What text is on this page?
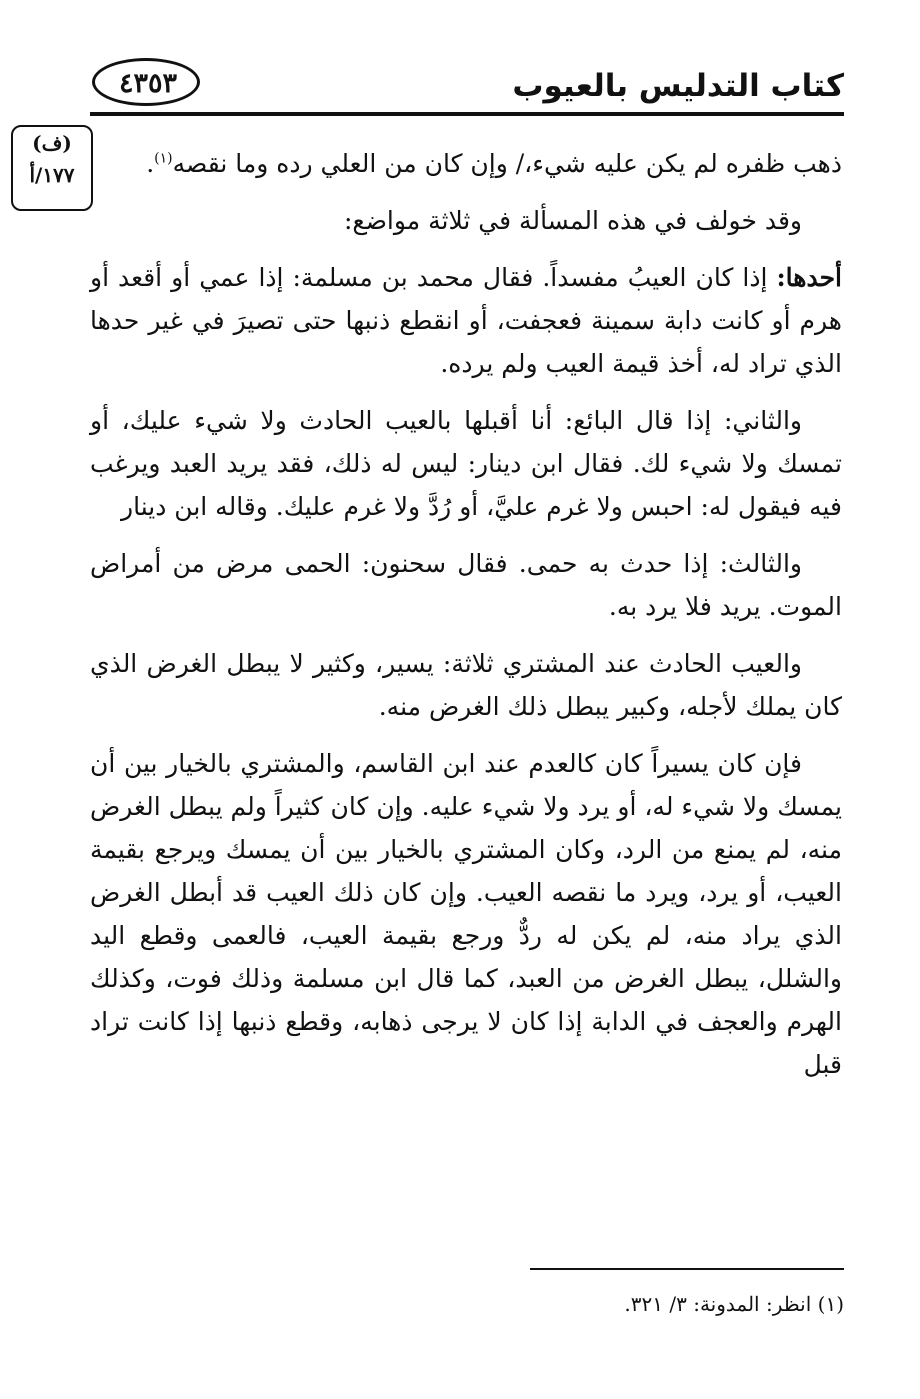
٤٣٥٣	كتاب التدليس بالعيوب
(ف)
١٧٧/أ	ذهب ظفره لم يكن عليه شيء،/ وإن كان من العلي رده وما نقصه$^{(١)}$.

وقد خولف في هذه المسألة في ثلاثة مواضع:

أحدها: إذا كان العيبُ مفسداً. فقال محمد بن مسلمة: إذا عمي أو أقعد أو هرم أو كانت دابة سمينة فعجفت، أو انقطع ذنبها حتى تصيرَ في غير حدها الذي تراد له، أخذ قيمة العيب ولم يرده.

والثاني: إذا قال البائع: أنا أقبلها بالعيب الحادث ولا شيء عليك، أو تمسك ولا شيء لك. فقال ابن دينار: ليس له ذلك، فقد يريد العبد ويرغب فيه فيقول له: احبس ولا غرم عليَّ، أو رُدَّ ولا غرم عليك. وقاله ابن دينار

والثالث: إذا حدث به حمى. فقال سحنون: الحمى مرض من أمراض الموت. يريد فلا يرد به.

والعيب الحادث عند المشتري ثلاثة: يسير، وكثير لا يبطل الغرض الذي كان يملك لأجله، وكبير يبطل ذلك الغرض منه.

فإن كان يسيراً كان كالعدم عند ابن القاسم، والمشتري بالخيار بين أن يمسك ولا شيء له، أو يرد ولا شيء عليه. وإن كان كثيراً ولم يبطل الغرض منه، لم يمنع من الرد، وكان المشتري بالخيار بين أن يمسك ويرجع بقيمة العيب، أو يرد، ويرد ما نقصه العيب. وإن كان ذلك العيب قد أبطل الغرض الذي يراد منه، لم يكن له ردٌّ ورجع بقيمة العيب، فالعمى وقطع اليد والشلل، يبطل الغرض من العبد، كما قال ابن مسلمة وذلك فوت، وكذلك الهرم والعجف في الدابة إذا كان لا يرجى ذهابه، وقطع ذنبها إذا كانت تراد قبل

(١) انظر: المدونة: ٣/ ٣٢١.
